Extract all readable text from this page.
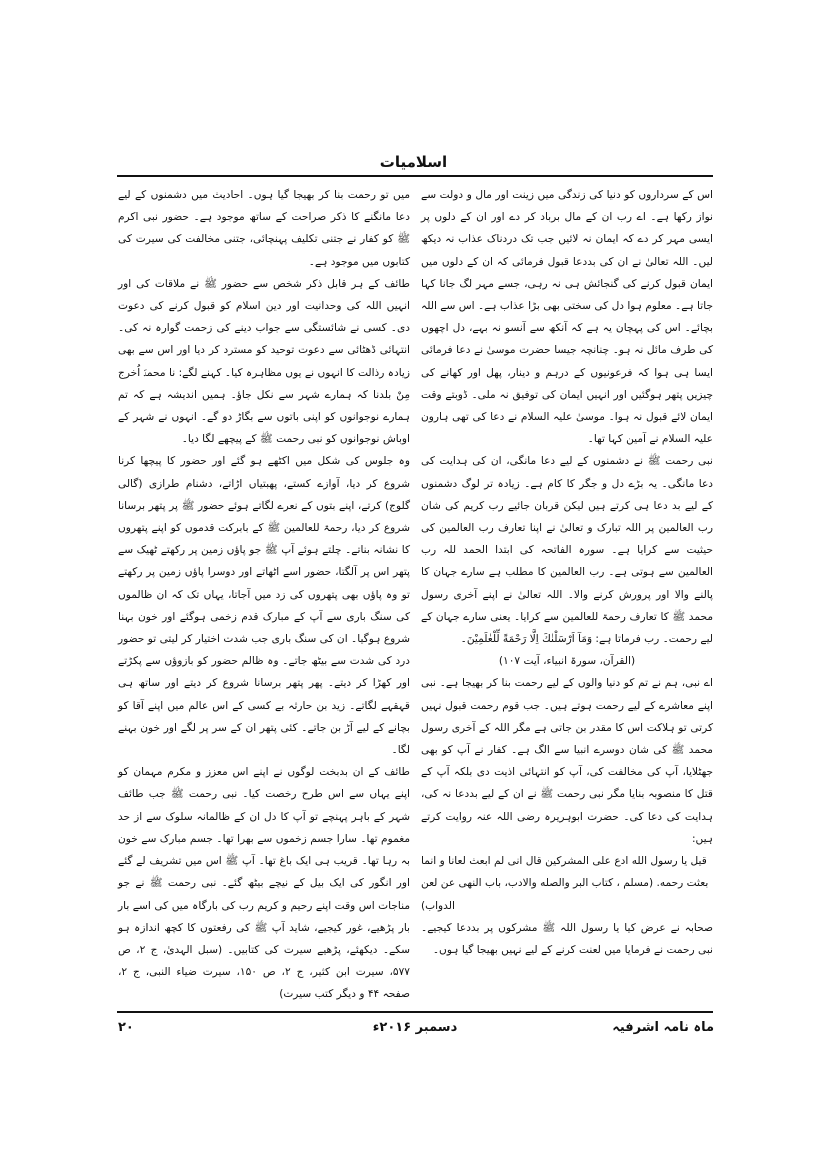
اسلامیات

اس کے سرداروں کو دنیا کی زندگی میں زینت اور مال و دولت سے نواز رکھا ہے۔ اے رب ان کے مال برباد کر دے اور ان کے دلوں پر ایسی مہر کر دے کہ ایمان نہ لائیں جب تک دردناک عذاب نہ دیکھ لیں۔ اللہ تعالیٰ نے ان کی بددعا قبول فرمائی کہ ان کے دلوں میں ایمان قبول کرنے کی گنجائش ہی نہ رہی، جسے مہر لگ جانا کہا جاتا ہے۔ معلوم ہوا دل کی سختی بھی بڑا عذاب ہے۔ اس سے اللہ بچائے۔ اس کی پہچان یہ ہے کہ آنکھ سے آنسو نہ بہے، دل اچھوں کی طرف مائل نہ ہو۔ چنانچہ جیسا حضرت موسیٰ نے دعا فرمائی ایسا ہی ہوا کہ فرعونیوں کے درہم و دینار، پھل اور کھانے کی چیزیں پتھر ہوگئیں اور انہیں ایمان کی توفیق نہ ملی۔ ڈوبتے وقت ایمان لائے قبول نہ ہوا۔ موسیٰ علیہ السلام نے دعا کی تھی ہارون علیہ السلام نے آمین کہا تھا۔

نبی رحمت ﷺ نے دشمنوں کے لیے دعا مانگی، ان کی ہدایت کی دعا مانگی۔ یہ بڑے دل و جگر کا کام ہے۔ زیادہ تر لوگ دشمنوں کے لیے بد دعا ہی کرتے ہیں لیکن قربان جائیے رب کریم کی شان رب العالمین پر اللہ تبارک و تعالیٰ نے اپنا تعارف رب العالمین کی حیثیت سے کرایا ہے۔ سورہ الفاتحہ کی ابتدا الحمد للہ رب العالمین سے ہوتی ہے۔ رب العالمین کا مطلب ہے سارے جہان کا پالنے والا اور پرورش کرنے والا۔ اللہ تعالیٰ نے اپنے آخری رسول محمد ﷺ کا تعارف رحمۃ للعالمین سے کرایا۔ یعنی سارے جہان کے لیے رحمت۔ رب فرماتا ہے: وَمَآ اَرْسَلْنٰكَ اِلَّا رَحْمَةً لِّلْعٰلَمِيْنَ۔

(القرآن، سورۃ انبیاء، آیت ۱۰۷)

اے نبی، ہم نے تم کو دنیا والوں کے لیے رحمت بنا کر بھیجا ہے۔ نبی اپنے معاشرے کے لیے رحمت ہوتے ہیں۔ جب قوم رحمت قبول نہیں کرتی تو ہلاکت اس کا مقدر بن جاتی ہے مگر اللہ کے آخری رسول محمد ﷺ کی شان دوسرے انبیا سے الگ ہے۔ کفار نے آپ کو بھی جھٹلایا، آپ کی مخالفت کی، آپ کو انتہائی اذیت دی بلکہ آپ کے قتل کا منصوبہ بنایا مگر نبی رحمت ﷺ نے ان کے لیے بددعا نہ کی، ہدایت کی دعا کی۔ حضرت ابوہریرہ رضی اللہ عنہ روایت کرتے ہیں:

قيل يا رسول الله ادع على المشركين قال انى لم ابعث لعانا و انما بعثت رحمه. (مسلم ، كتاب البر والصله والادب، باب النهى عن لعن الدواب)

صحابہ نے عرض کیا یا رسول اللہ ﷺ مشرکوں پر بددعا کیجیے۔ نبی رحمت نے فرمایا میں لعنت کرنے کے لیے نہیں بھیجا گیا ہوں۔

میں تو رحمت بنا کر بھیجا گیا ہوں۔ احادیث میں دشمنوں کے لیے دعا مانگنے کا ذکر صراحت کے ساتھ موجود ہے۔ حضور نبی اکرم ﷺ کو کفار نے جتنی تکلیف پہنچائی، جتنی مخالفت کی سیرت کی کتابوں میں موجود ہے۔

طائف کے ہر قابل ذکر شخص سے حضور ﷺ نے ملاقات کی اور انہیں اللہ کی وحدانیت اور دین اسلام کو قبول کرنے کی دعوت دی۔ کسی نے شائستگی سے جواب دینے کی زحمت گوارہ نہ کی۔ انتہائی ڈھٹائی سے دعوت توحید کو مسترد کر دیا اور اس سے بھی زیادہ رذالت کا انہوں نے یوں مظاہرہ کیا۔ کہنے لگے: نا محمدؐ اُخرج مِنْ بلدنا کہ ہمارے شہر سے نکل جاؤ۔ ہمیں اندیشہ ہے کہ تم ہمارے نوجوانوں کو اپنی باتوں سے بگاڑ دو گے۔ انہوں نے شہر کے اوباش نوجوانوں کو نبی رحمت ﷺ کے پیچھے لگا دیا۔

وہ جلوس کی شکل میں اکٹھے ہو گئے اور حضور کا پیچھا کرنا شروع کر دیا، آوازے کستے، پھبتیاں اڑاتے، دشنام طرازی (گالی گلوج) کرتے، اپنے بتوں کے نعرے لگاتے ہوئے حضور ﷺ پر پتھر برسانا شروع کر دیا، رحمۃ للعالمین ﷺ کے بابرکت قدموں کو اپنے پتھروں کا نشانہ بناتے۔ چلتے ہوئے آپ ﷺ جو پاؤں زمین پر رکھتے ٹھیک سے پتھر اس پر آلگتا، حضور اسے اٹھاتے اور دوسرا پاؤں زمین پر رکھتے تو وہ پاؤں بھی پتھروں کی زد میں آجاتا، یہاں تک کہ ان ظالموں کی سنگ باری سے آپ کے مبارک قدم زخمی ہوگئے اور خون بہنا شروع ہوگیا۔ ان کی سنگ باری جب شدت اختیار کر لیتی تو حضور درد کی شدت سے بیٹھ جاتے۔ وہ ظالم حضور کو بازوؤں سے پکڑتے اور کھڑا کر دیتے۔ پھر پتھر برسانا شروع کر دیتے اور ساتھ ہی قہقہے لگاتے۔ زید بن حارثہ بے کسی کے اس عالم میں اپنے آقا کو بچانے کے لیے آڑ بن جاتے۔ کئی پتھر ان کے سر پر لگے اور خون بہنے لگا۔

طائف کے ان بدبخت لوگوں نے اپنے اس معزز و مکرم مہمان کو اپنے یہاں سے اس طرح رخصت کیا۔ نبی رحمت ﷺ جب طائف شہر کے باہر پہنچے تو آپ کا دل ان کے ظالمانہ سلوک سے از حد مغموم تھا۔ سارا جسم زخموں سے بھرا تھا۔ جسم مبارک سے خون بہ رہا تھا۔ قریب ہی ایک باغ تھا۔ آپ ﷺ اس میں تشریف لے گئے اور انگور کی ایک بیل کے نیچے بیٹھ گئے۔ نبی رحمت ﷺ نے جو مناجات اس وقت اپنے رحیم و کریم رب کی بارگاہ میں کی اسے بار بار پڑھیے، غور کیجیے، شاید آپ ﷺ کی رفعتوں کا کچھ اندازہ ہو سکے۔ دیکھئے، پڑھیے سیرت کی کتابیں۔ (سبل الہدیٰ، ج ۲، ص ۵۷۷، سیرت ابن کثیر، ج ۲، ص ۱۵۰، سیرت ضیاء النبی، ج ۲، صفحہ ۴۴ و دیگر کتب سیرت)

ماہ نامہ اشرفیہ
دسمبر ۲۰۱۶ء
۲۰
